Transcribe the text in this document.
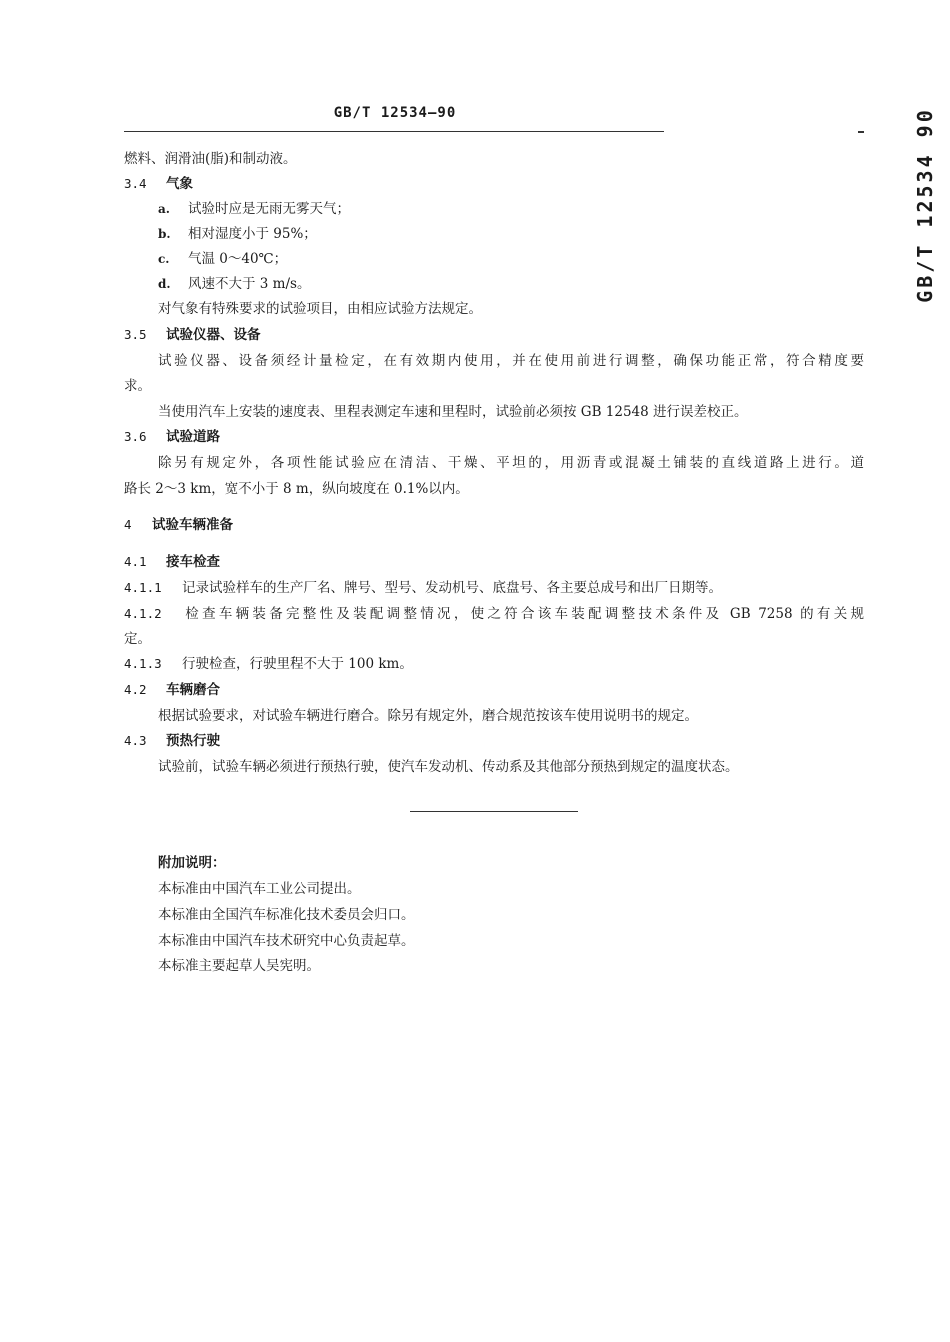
GB/T 12534—90	GB/T 12534 90
燃料、润滑油(脂)和制动液。
3.4 气象
a. 试验时应是无雨无雾天气；
b. 相对湿度小于 95%；
c. 气温 0～40℃；
d. 风速不大于 3 m/s。
对气象有特殊要求的试验项目，由相应试验方法规定。
3.5 试验仪器、设备
试验仪器、设备须经计量检定，在有效期内使用，并在使用前进行调整，确保功能正常，符合精度要
求。
当使用汽车上安装的速度表、里程表测定车速和里程时，试验前必须按 GB 12548 进行误差校正。
3.6 试验道路
除另有规定外，各项性能试验应在清洁、干燥、平坦的，用沥青或混凝土铺装的直线道路上进行。道
路长 2～3 km，宽不小于 8 m，纵向坡度在 0.1%以内。
4 试验车辆准备
4.1 接车检查
4.1.1 记录试验样车的生产厂名、牌号、型号、发动机号、底盘号、各主要总成号和出厂日期等。
4.1.2 检查车辆装备完整性及装配调整情况，使之符合该车装配调整技术条件及 GB 7258 的有关规
定。
4.1.3 行驶检查，行驶里程不大于 100 km。
4.2 车辆磨合
根据试验要求，对试验车辆进行磨合。除另有规定外，磨合规范按该车使用说明书的规定。
4.3 预热行驶
试验前，试验车辆必须进行预热行驶，使汽车发动机、传动系及其他部分预热到规定的温度状态。
附加说明：
本标准由中国汽车工业公司提出。
本标准由全国汽车标准化技术委员会归口。
本标准由中国汽车技术研究中心负责起草。
本标准主要起草人吴宪明。
